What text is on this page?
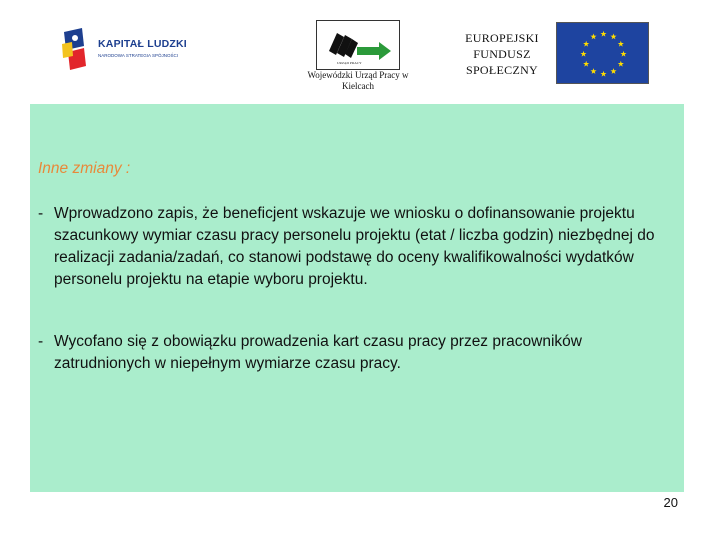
KAPITAŁ LUDZKI
NARODOWA STRATEGIA SPÓJNOŚCI
URZĄD PRACY
Wojewódzki Urząd Pracy w Kielcach
EUROPEJSKI
FUNDUSZ
SPOŁECZNY
Inne zmiany :
- Wprowadzono zapis, że beneficjent wskazuje we wniosku o dofinansowanie projektu szacunkowy wymiar czasu pracy personelu projektu (etat / liczba godzin) niezbędnej do realizacji zadania/zadań, co stanowi podstawę do oceny kwalifikowalności wydatków personelu projektu na etapie wyboru projektu.
- Wycofano się z obowiązku prowadzenia kart czasu pracy przez pracowników zatrudnionych w niepełnym wymiarze czasu pracy.
20
